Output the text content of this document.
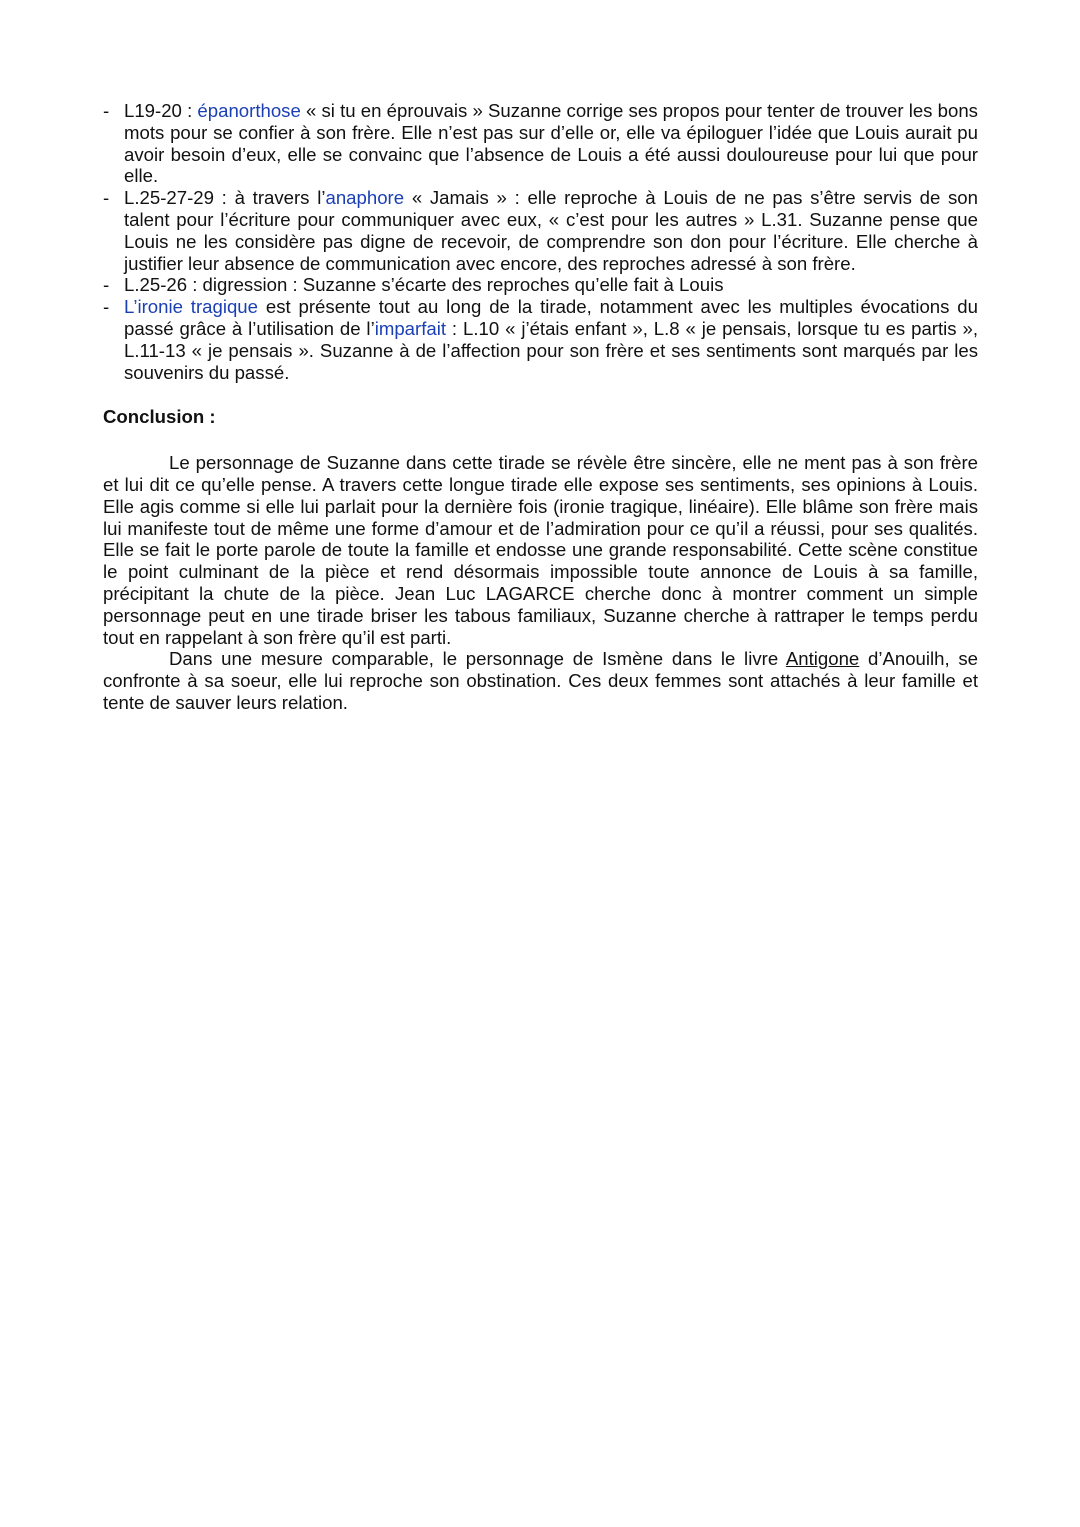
- L19-20 : épanorthose « si tu en éprouvais » Suzanne corrige ses propos pour tenter de trouver les bons mots pour se confier à son frère. Elle n’est pas sur d’elle or, elle va épiloguer l’idée que Louis aurait pu avoir besoin d’eux, elle se convainc que l’absence de Louis a été aussi douloureuse pour lui que pour elle.
- L.25-27-29 : à travers l’anaphore « Jamais » : elle reproche à Louis de ne pas s’être servis de son talent pour l’écriture pour communiquer avec eux, « c’est pour les autres » L.31. Suzanne pense que Louis ne les considère pas digne de recevoir, de comprendre son don pour l’écriture. Elle cherche à justifier leur absence de communication avec encore, des reproches adressé à son frère.
- L.25-26 : digression : Suzanne s’écarte des reproches qu’elle fait à Louis
- L’ironie tragique est présente tout au long de la tirade, notamment avec les multiples évocations du passé grâce à l’utilisation de l’imparfait : L.10 « j’étais enfant », L.8 « je pensais, lorsque tu es partis », L.11-13 « je pensais ». Suzanne à de l’affection pour son frère et ses sentiments sont marqués par les souvenirs du passé.
Conclusion :

Le personnage de Suzanne dans cette tirade se révèle être sincère, elle ne ment pas à son frère et lui dit ce qu’elle pense. A travers cette longue tirade elle expose ses sentiments, ses opinions à Louis. Elle agis comme si elle lui parlait pour la dernière fois (ironie tragique, linéaire). Elle blâme son frère mais lui manifeste tout de même une forme d’amour et de l’admiration pour ce qu’il a réussi, pour ses qualités. Elle se fait le porte parole de toute la famille et endosse une grande responsabilité. Cette scène constitue le point culminant de la pièce et rend désormais impossible toute annonce de Louis à sa famille, précipitant la chute de la pièce. Jean Luc LAGARCE cherche donc à montrer comment un simple personnage peut en une tirade briser les tabous familiaux, Suzanne cherche à rattraper le temps perdu tout en rappelant à son frère qu’il est parti.

Dans une mesure comparable, le personnage de Ismène dans le livre Antigone d’Anouilh, se confronte à sa soeur, elle lui reproche son obstination. Ces deux femmes sont attachés à leur famille et tente de sauver leurs relation.
